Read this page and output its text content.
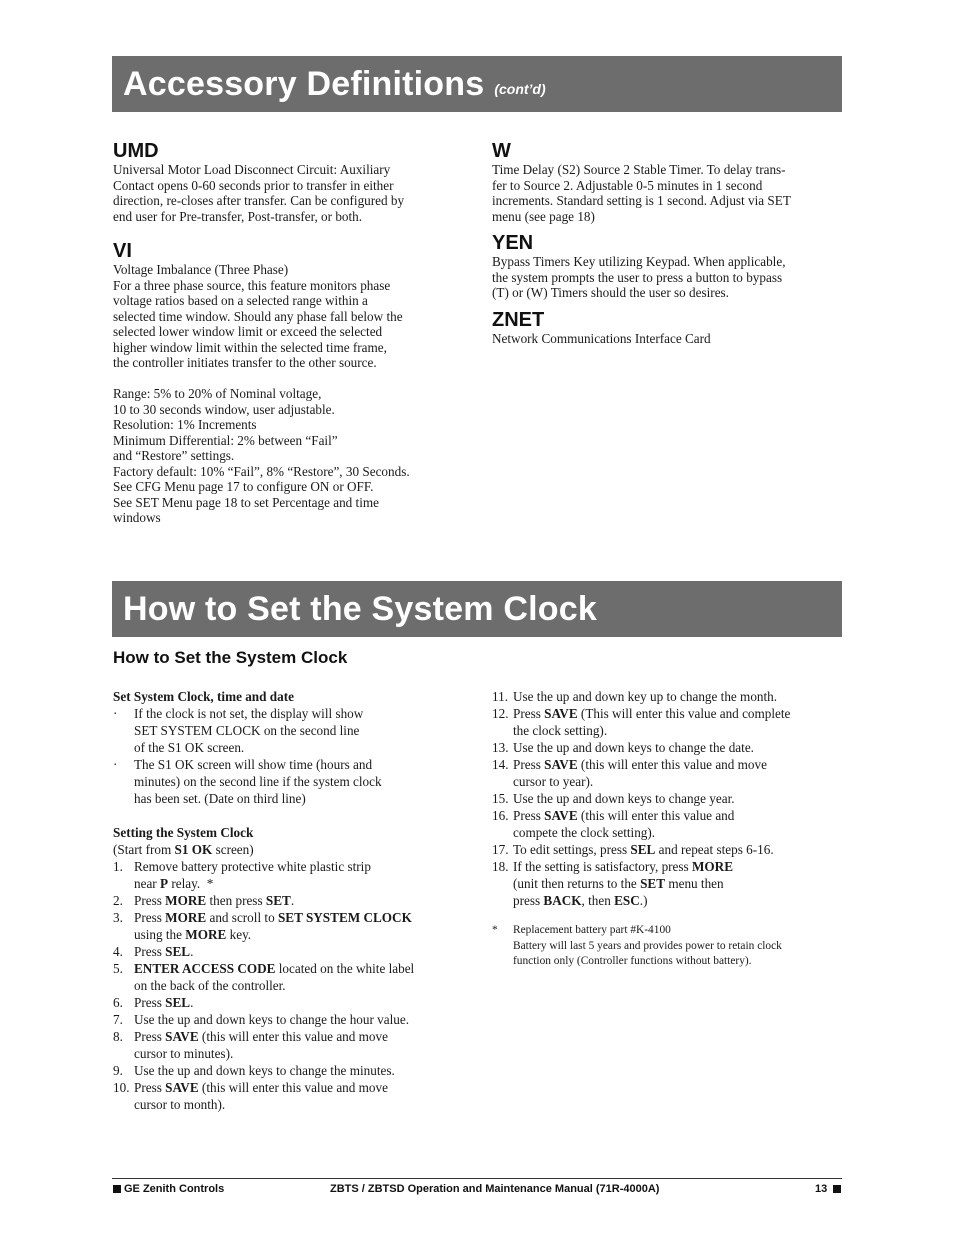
Accessory Definitions (cont’d)
UMD

Universal Motor Load Disconnect Circuit: Auxiliary

Contact opens 0-60 seconds prior to transfer in either

direction, re-closes after transfer. Can be configured by

end user for Pre-transfer, Post-transfer, or both.

VI

Voltage Imbalance (Three Phase)

For a three phase source, this feature monitors phase

voltage ratios based on a selected range within a

selected time window. Should any phase fall below the

selected lower window limit or exceed the selected

higher window limit within the selected time frame,

the controller initiates transfer to the other source.

Range: 5% to 20% of Nominal voltage,

10 to 30 seconds window, user adjustable.

Resolution: 1% Increments

Minimum Differential: 2% between “Fail”

and “Restore” settings.

Factory default: 10% “Fail”, 8% “Restore”, 30 Seconds.

See CFG Menu page 17 to configure ON or OFF.

See SET Menu page 18 to set Percentage and time

windows

W

Time Delay (S2) Source 2 Stable Timer. To delay trans-

fer to Source 2. Adjustable 0-5 minutes in 1 second

increments. Standard setting is 1 second. Adjust via SET

menu (see page 18)

YEN

Bypass Timers Key utilizing Keypad. When applicable,

the system prompts the user to press a button to bypass

(T) or (W) Timers should the user so desires.

ZNET

Network Communications Interface Card

How to Set the System Clock
How to Set the System Clock
Set System Clock, time and date
·	If the clock is not set, the display will show
SET SYSTEM CLOCK on the second line
of the S1 OK screen.
·	The S1 OK screen will show time (hours and
minutes) on the second line if the system clock
has been set. (Date on third line)
Setting the System Clock
(Start from S1 OK screen)
1. Remove battery protective white plastic strip
near P relay.  *
2. Press MORE then press SET.
3. Press MORE and scroll to SET SYSTEM CLOCK
using the MORE key.
4. Press SEL.
5. ENTER ACCESS CODE located on the white label
on the back of the controller.
6. Press SEL.
7. Use the up and down keys to change the hour value.
8. Press SAVE (this will enter this value and move
cursor to minutes).
9. Use the up and down keys to change the minutes.
10. Press SAVE (this will enter this value and move
cursor to month).
11. Use the up and down key up to change the month.
12. Press SAVE (This will enter this value and complete
the clock setting).
13. Use the up and down keys to change the date.
14. Press SAVE (this will enter this value and move
cursor to year).
15. Use the up and down keys to change year.
16. Press SAVE (this will enter this value and
compete the clock setting).
17. To edit settings, press SEL and repeat steps 6-16.
18. If the setting is satisfactory, press MORE
(unit then returns to the SET menu then
press BACK, then ESC.)
*	Replacement battery part #K-4100
Battery will last 5 years and provides power to retain clock
function only (Controller functions without battery).
GE Zenith Controls	ZBTS / ZBTSD Operation and Maintenance Manual (71R-4000A)	13
